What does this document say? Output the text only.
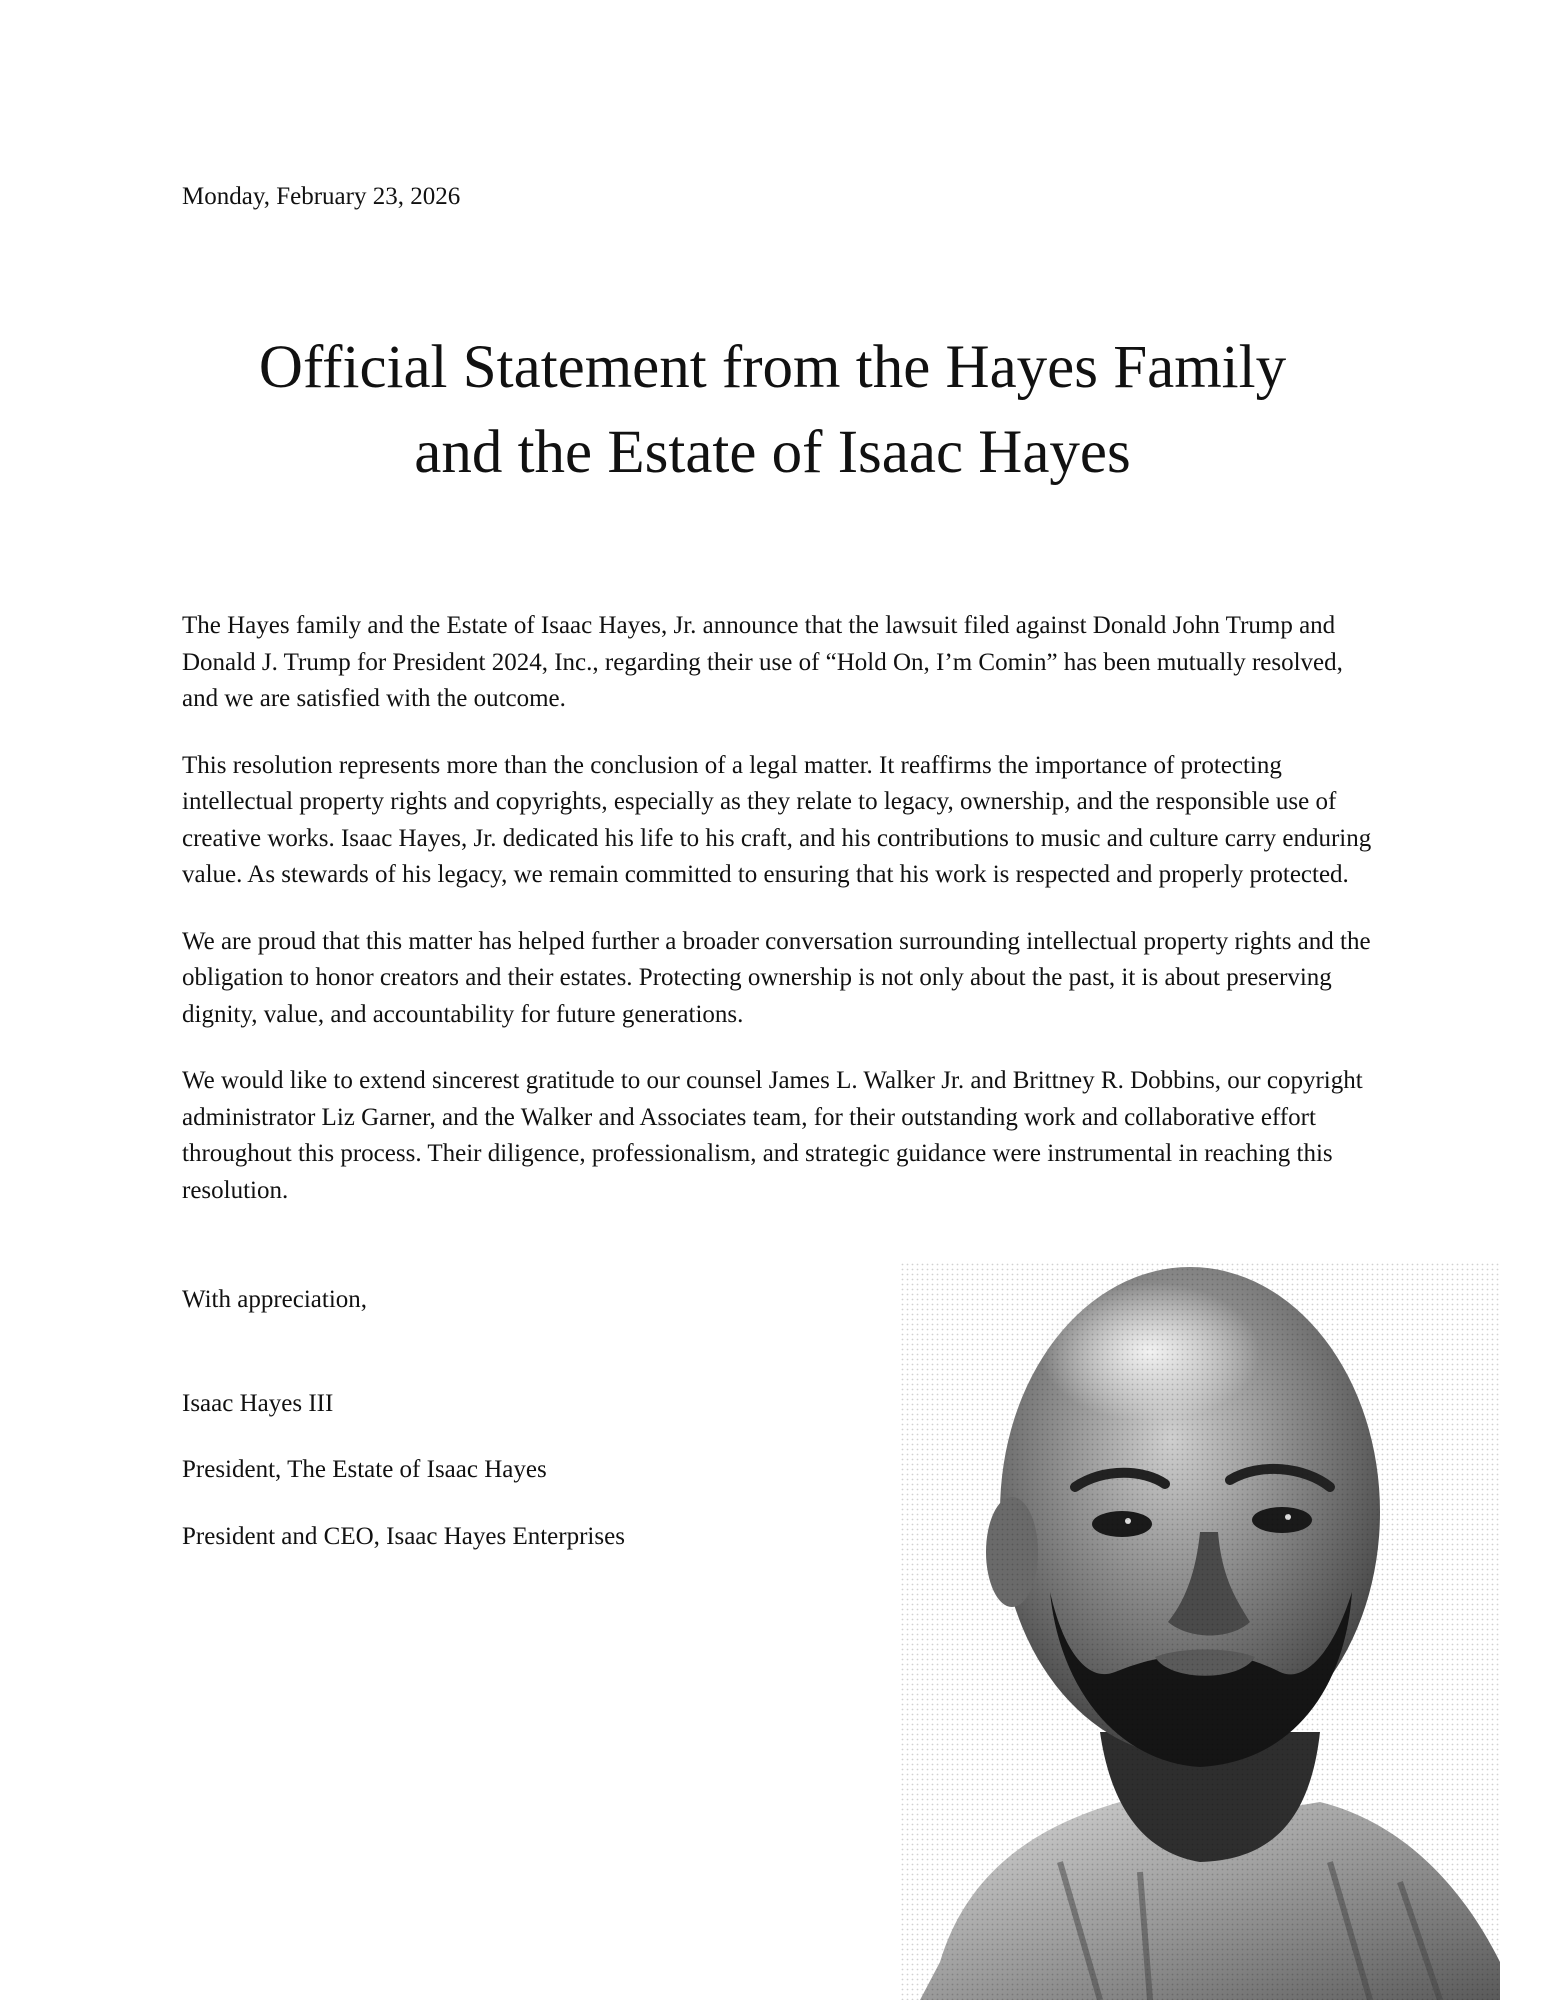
Monday, February 23, 2026

Official Statement from the Hayes Family
and the Estate of Isaac Hayes

The Hayes family and the Estate of Isaac Hayes, Jr. announce that the lawsuit filed against Donald John Trump and Donald J. Trump for President 2024, Inc., regarding their use of “Hold On, I’m Comin” has been mutually resolved, and we are satisfied with the outcome.

This resolution represents more than the conclusion of a legal matter. It reaffirms the importance of protecting intellectual property rights and copyrights, especially as they relate to legacy, ownership, and the responsible use of creative works. Isaac Hayes, Jr. dedicated his life to his craft, and his contributions to music and culture carry enduring value. As stewards of his legacy, we remain committed to ensuring that his work is respected and properly protected.

We are proud that this matter has helped further a broader conversation surrounding intellectual property rights and the obligation to honor creators and their estates. Protecting ownership is not only about the past, it is about preserving dignity, value, and accountability for future generations.

We would like to extend sincerest gratitude to our counsel James L. Walker Jr. and Brittney R. Dobbins, our copyright administrator Liz Garner, and the Walker and Associates team, for their outstanding work and collaborative effort throughout this process. Their diligence, professionalism, and strategic guidance were instrumental in reaching this resolution.

With appreciation,

Isaac Hayes III

President, The Estate of Isaac Hayes

President and CEO, Isaac Hayes Enterprises
